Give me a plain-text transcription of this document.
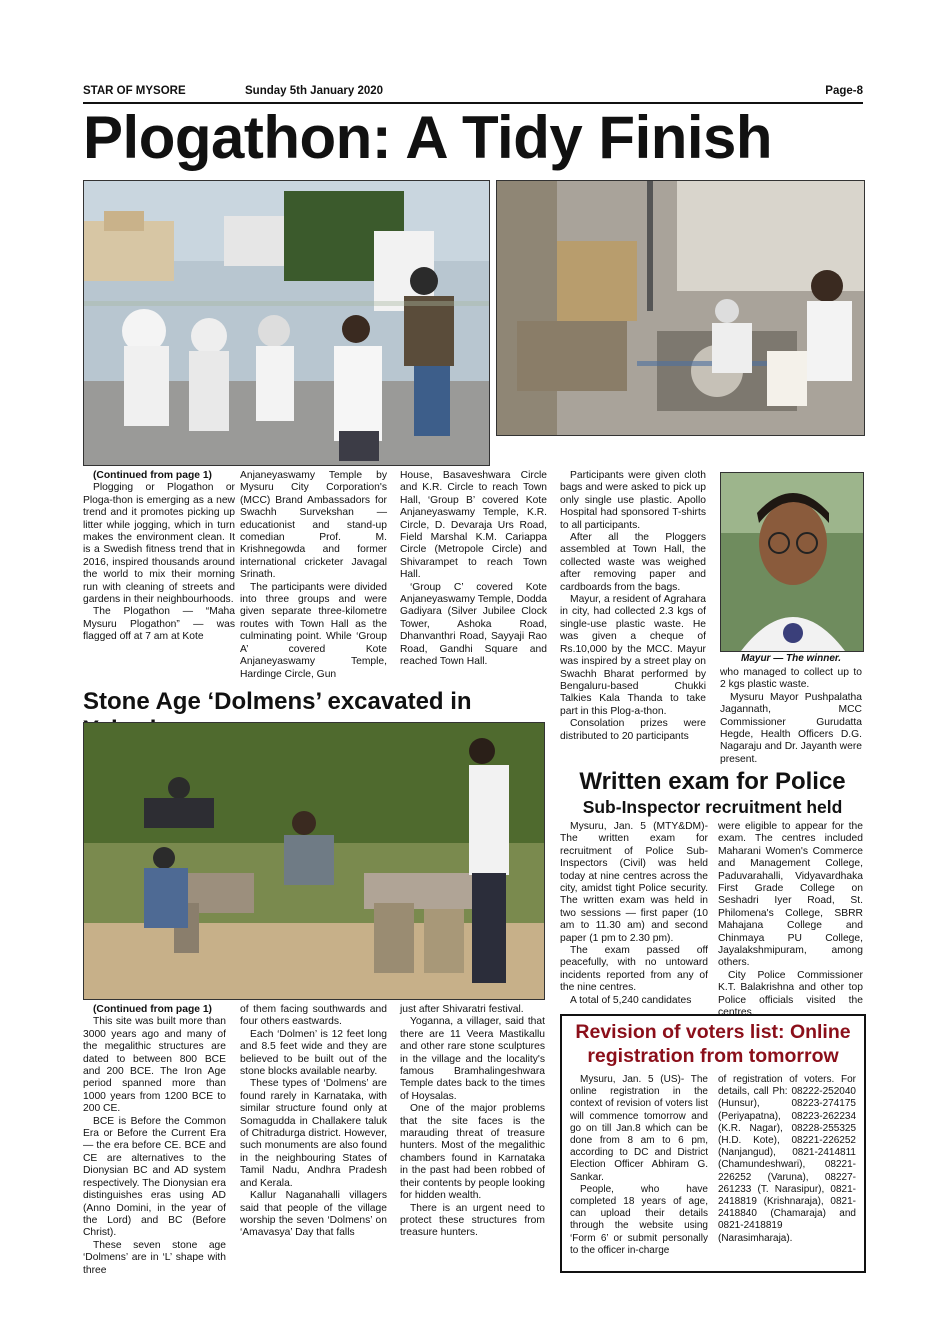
STAR OF MYSORE	Sunday 5th January 2020	Page-8
Plogathon: A Tidy Finish

(Continued from page 1)

Plogging or Plogathon or Ploga-thon is emerging as a new trend and it promotes picking up litter while jogging, which in turn makes the environment clean. It is a Swedish fitness trend that in 2016, inspired thousands around the world to mix their morning run with cleaning of streets and gardens in their neighbourhoods.

The Plogathon — “Maha Mysuru Plogathon” — was flagged off at 7 am at Kote

Anjaneyaswamy Temple by Mysuru City Corporation's (MCC) Brand Ambassadors for Swachh Survekshan — educationist and stand-up comedian Prof. M. Krishnegowda and former international cricketer Javagal Srinath.

The participants were divided into three groups and were given separate three-kilometre routes with Town Hall as the culminating point. While ‘Group A’ covered Kote Anjaneyaswamy Temple, Hardinge Circle, Gun

House, Basaveshwara Circle and K.R. Circle to reach Town Hall, ‘Group B’ covered Kote Anjaneyaswamy Temple, K.R. Circle, D. Devaraja Urs Road, Field Marshal K.M. Cariappa Circle (Metropole Circle) and Shivarampet to reach Town Hall.

‘Group C’ covered Kote Anjaneyaswamy Temple, Dodda Gadiyara (Silver Jubilee Clock Tower, Ashoka Road, Dhanvanthri Road, Sayyaji Rao Road, Gandhi Square and reached Town Hall.

Participants were given cloth bags and were asked to pick up only single use plastic. Apollo Hospital had sponsored T-shirts to all participants.

After all the Ploggers assembled at Town Hall, the collected waste was weighed after removing paper and cardboards from the bags.

Mayur, a resident of Agrahara in city, had collected 2.3 kgs of single-use plastic waste. He was given a cheque of Rs.10,000 by the MCC. Mayur was inspired by a street play on Swachh Bharat performed by Bengaluru-based Chukki Talkies Kala Thanda to take part in this Plog-a-thon.

Consolation prizes were distributed to 20 participants

Mayur — The winner.

who managed to collect up to 2 kgs plastic waste.

Mysuru Mayor Pushpalatha Jagannath, MCC Commissioner Gurudatta Hegde, Health Officers D.G. Nagaraju and Dr. Jayanth were present.

Stone Age ‘Dolmens’ excavated in

(Continued from page 1)

This site was built more than 3000 years ago and many of the megalithic structures are dated to between 800 BCE and 200 BCE. The Iron Age period spanned more than 1000 years from 1200 BCE to 200 CE.

BCE is Before the Common Era or Before the Current Era — the era before CE. BCE and CE are alternatives to the Dionysian BC and AD system respectively. The Dionysian era distinguishes eras using AD (Anno Domini, in the year of the Lord) and BC (Before Christ).

These seven stone age ‘Dolmens’ are in ‘L’ shape with three

of them facing southwards and four others eastwards.

Each ‘Dolmen’ is 12 feet long and 8.5 feet wide and they are believed to be built out of the stone blocks available nearby.

These types of ‘Dolmens’ are found rarely in Karnataka, with similar structure found only at Somagudda in Challakere taluk of Chitradurga district. However, such monuments are also found in the neighbouring States of Tamil Nadu, Andhra Pradesh and Kerala.

Kallur Naganahalli villagers said that people of the village worship the seven ‘Dolmens’ on ‘Amavasya’ Day that falls

just after Shivaratri festival.

Yoganna, a villager, said that there are 11 Veera Mastikallu and other rare stone sculptures in the village and the locality's famous Bramhalingeshwara Temple dates back to the times of Hoysalas.

One of the major problems that the site faces is the marauding threat of treasure hunters. Most of the megalithic chambers found in Karnataka in the past had been robbed of their contents by people looking for hidden wealth.

There is an urgent need to protect these structures from treasure hunters.

Written exam for Police
Sub-Inspector recruitment held

Mysuru, Jan. 5 (MTY&DM)- The written exam for recruitment of Police Sub-Inspectors (Civil) was held today at nine centres across the city, amidst tight Police security. The written exam was held in two sessions — first paper (10 am to 11.30 am) and second paper (1 pm to 2.30 pm).

The exam passed off peacefully, with no untoward incidents reported from any of the nine centres.

A total of 5,240 candidates

were eligible to appear for the exam. The centres included Maharani Women's Commerce and Management College, Paduvarahalli, Vidyavardhaka First Grade College on Seshadri Iyer Road, St. Philomena's College, SBRR Mahajana College and Chinmaya PU College, Jayalakshmipuram, among others.

City Police Commissioner K.T. Balakrishna and other top Police officials visited the centres.

Revision of voters list: Online registration from tomorrow

Mysuru, Jan. 5 (US)- The online registration in the context of revision of voters list will commence tomorrow and go on till Jan.8 which can be done from 8 am to 6 pm, according to DC and District Election Officer Abhiram G. Sankar.

People, who have completed 18 years of age, can upload their details through the website using ‘Form 6’ or submit personally to the officer in-charge

of registration of voters. For details, call Ph: 08222-252040 (Hunsur), 08223-274175 (Periyapatna), 08223-262234 (K.R. Nagar), 08228-255325 (H.D. Kote), 08221-226252 (Nanjangud), 0821-2414811 (Chamundeshwari), 08221-226252 (Varuna), 08227-261233 (T. Narasipur), 0821-2418819 (Krishnaraja), 0821-2418840 (Chamaraja) and 0821-2418819 (Narasimharaja).
